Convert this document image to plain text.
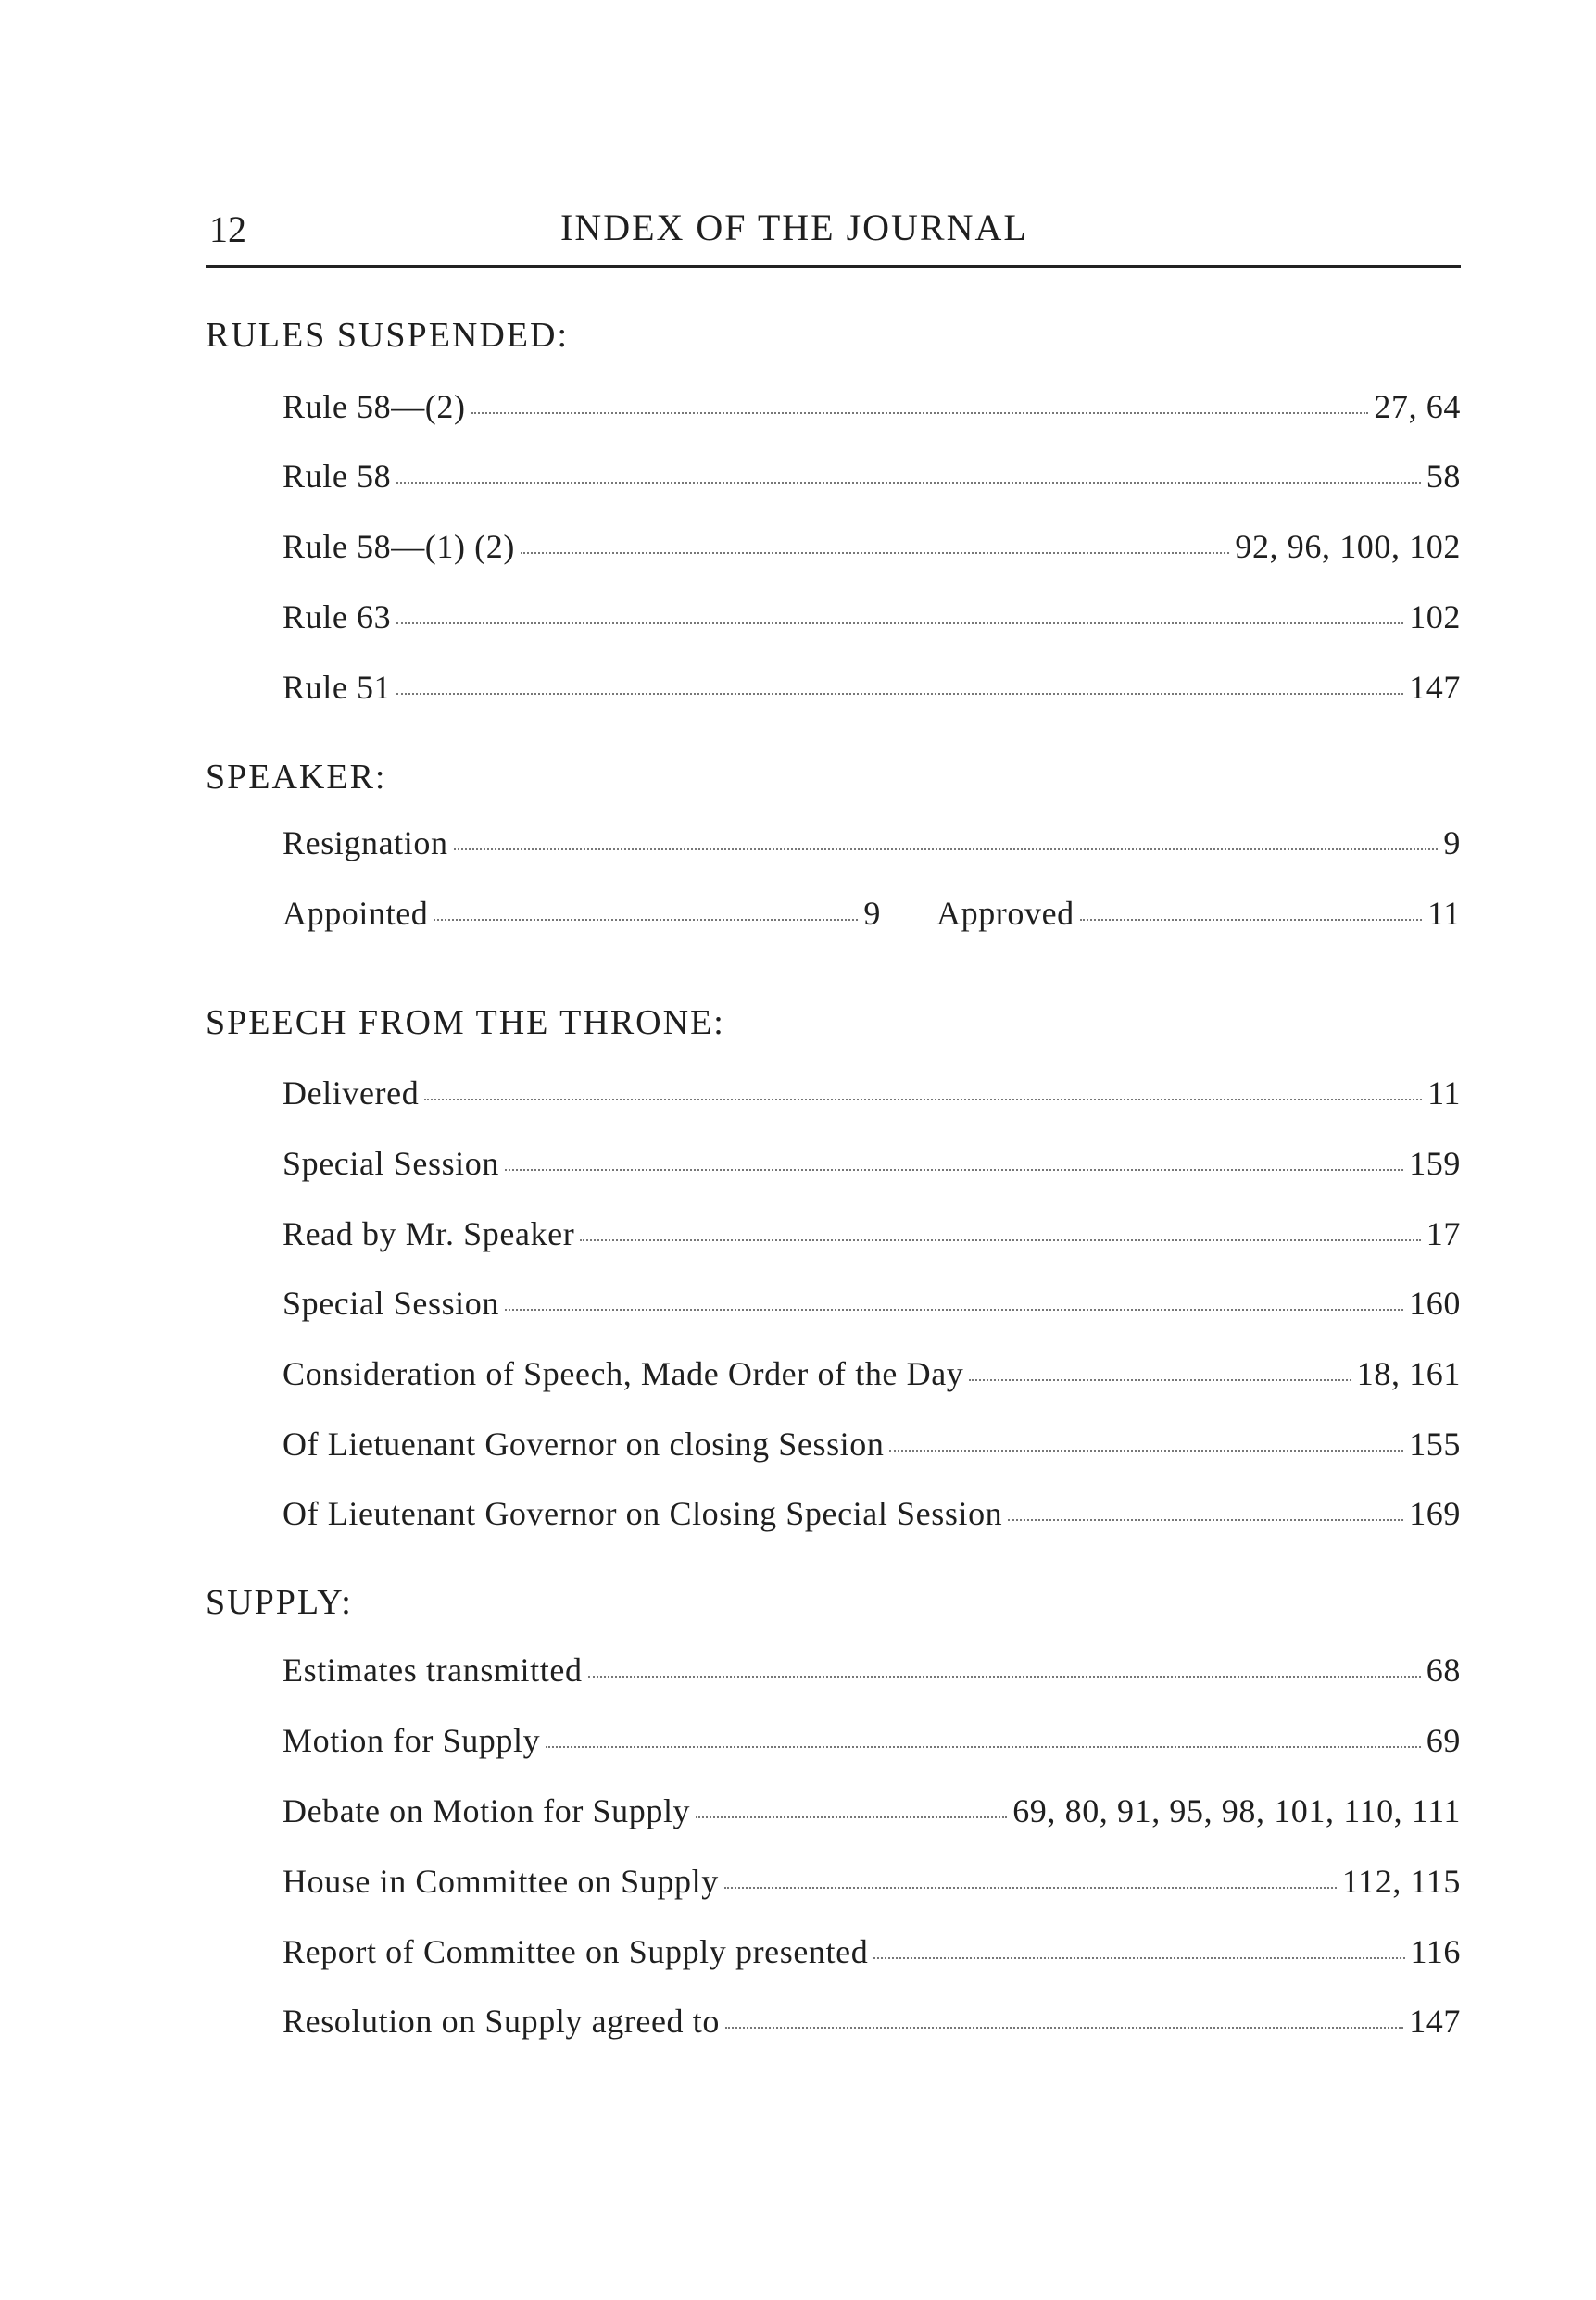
12	INDEX OF THE JOURNAL
RULES SUSPENDED:
Rule 58—(2)	27, 64
Rule 58	58
Rule 58—(1) (2)	92, 96, 100, 102
Rule 63	102
Rule 51	147
SPEAKER:
Resignation	9
Appointed	9 Approved	11
SPEECH FROM THE THRONE:
Delivered	11
Special Session	159
Read by Mr. Speaker	17
Special Session	160
Consideration of Speech, Made Order of the Day	18, 161
Of Lietuenant Governor on closing Session	155
Of Lieutenant Governor on Closing Special Session	169
SUPPLY:
Estimates transmitted	68
Motion for Supply	69
Debate on Motion for Supply	69, 80, 91, 95, 98, 101, 110, 111
House in Committee on Supply	112, 115
Report of Committee on Supply presented	116
Resolution on Supply agreed to	147
